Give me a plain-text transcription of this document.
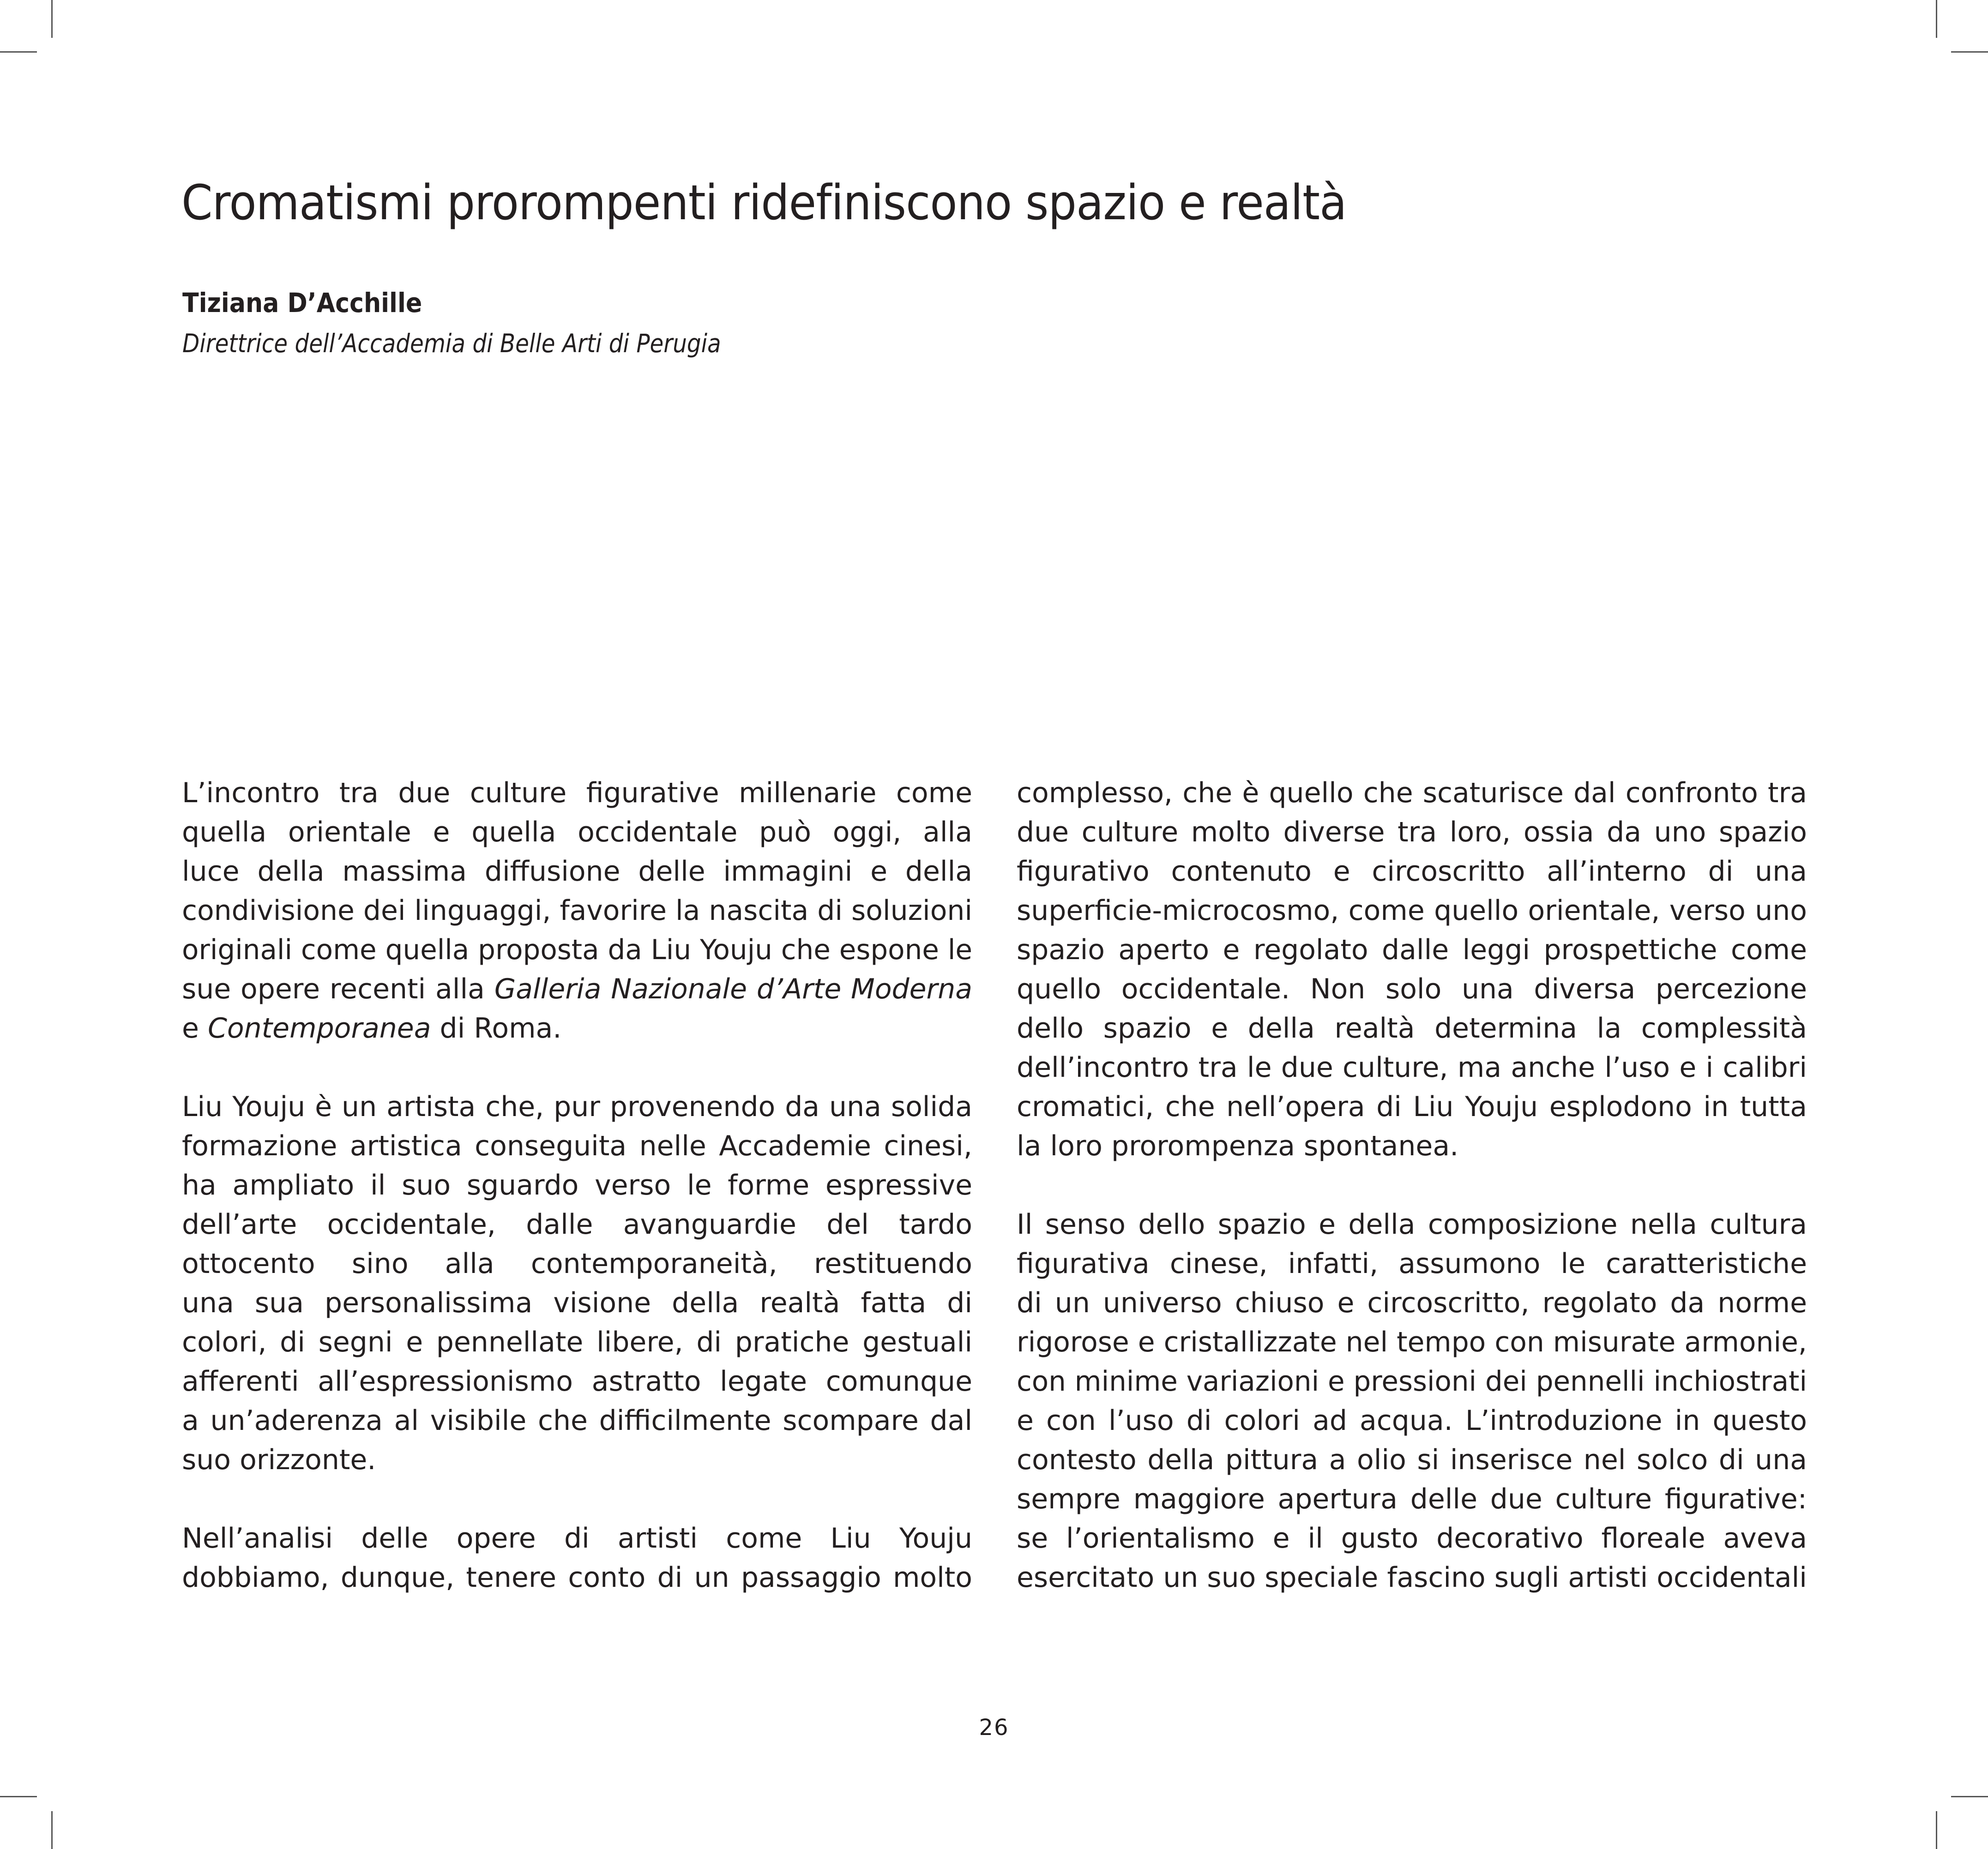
Cromatismi prorompenti ridefiniscono spazio e realtà

Tiziana D’Acchille

Direttrice dell’Accademia di Belle Arti di Perugia

L’incontro tra due culture figurative millenarie come
quella orientale e quella occidentale può oggi, alla
luce della massima diffusione delle immagini e della
condivisione dei linguaggi, favorire la nascita di soluzioni
originali come quella proposta da Liu Youju che espone le
sue opere recenti alla Galleria Nazionale d’Arte Moderna
e Contemporanea di Roma.

Liu Youju è un artista che, pur provenendo da una solida
formazione artistica conseguita nelle Accademie cinesi,
ha ampliato il suo sguardo verso le forme espressive
dell’arte occidentale, dalle avanguardie del tardo
ottocento sino alla contemporaneità, restituendo
una sua personalissima visione della realtà fatta di
colori, di segni e pennellate libere, di pratiche gestuali
afferenti all’espressionismo astratto legate comunque
a un’aderenza al visibile che difficilmente scompare dal
suo orizzonte.

Nell’analisi delle opere di artisti come Liu Youju
dobbiamo, dunque, tenere conto di un passaggio molto

complesso, che è quello che scaturisce dal confronto tra
due culture molto diverse tra loro, ossia da uno spazio
figurativo contenuto e circoscritto all’interno di una
superficie-microcosmo, come quello orientale, verso uno
spazio aperto e regolato dalle leggi prospettiche come
quello occidentale. Non solo una diversa percezione
dello spazio e della realtà determina la complessità
dell’incontro tra le due culture, ma anche l’uso e i calibri
cromatici, che nell’opera di Liu Youju esplodono in tutta
la loro prorompenza spontanea.

Il senso dello spazio e della composizione nella cultura
figurativa cinese, infatti, assumono le caratteristiche
di un universo chiuso e circoscritto, regolato da norme
rigorose e cristallizzate nel tempo con misurate armonie,
con minime variazioni e pressioni dei pennelli inchiostrati
e con l’uso di colori ad acqua. L’introduzione in questo
contesto della pittura a olio si inserisce nel solco di una
sempre maggiore apertura delle due culture figurative:
se l’orientalismo e il gusto decorativo floreale aveva
esercitato un suo speciale fascino sugli artisti occidentali

26
